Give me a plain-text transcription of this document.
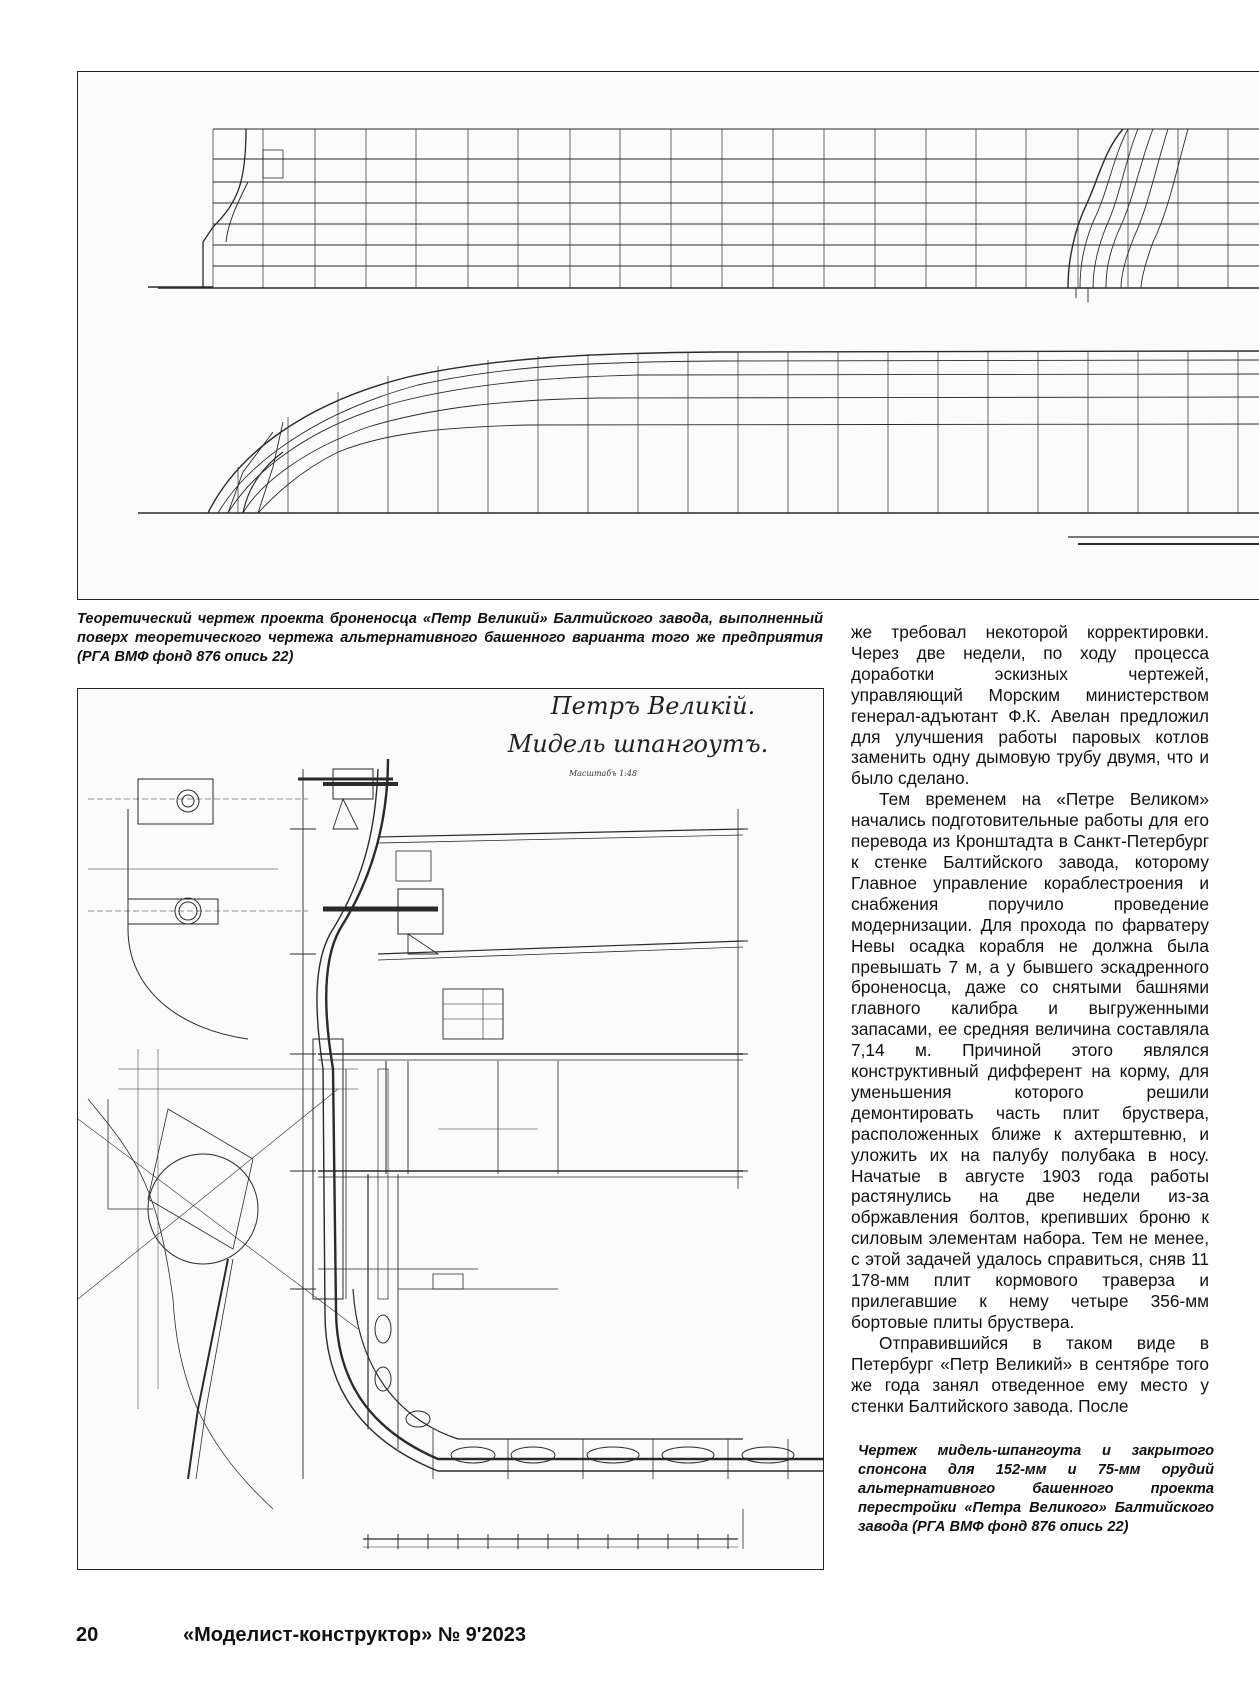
Теоретический чертеж проекта броненосца «Петр Великий» Балтийского завода, выполненный поверх теоретического чертежа альтернативного башенного варианта того же предприятия (РГА ВМФ фонд 876 опись 22)
Петръ Великiй.
Мидель шпангоутъ.
Масштабъ 1:48

же требовал некоторой корректировки. Через две недели, по ходу процесса доработки эскизных чертежей, управляющий Морским министерством генерал-адъютант Ф.К. Авелан предложил для улучшения работы паровых котлов заменить одну дымовую трубу двумя, что и было сделано.

Тем временем на «Петре Великом» начались подготовительные работы для его перевода из Кронштадта в Санкт-Петербург к стенке Балтийского завода, которому Главное управление кораблестроения и снабжения поручило проведение модернизации. Для прохода по фарватеру Невы осадка корабля не должна была превышать 7 м, а у бывшего эскадренного броненосца, даже со снятыми башнями главного калибра и выгруженными запасами, ее средняя величина составляла 7,14 м. Причиной этого являлся конструктивный дифферент на корму, для уменьшения которого решили демонтировать часть плит бруствера, расположенных ближе к ахтерштевню, и уложить их на палубу полубака в носу. Начатые в августе 1903 года работы растянулись на две недели из-за обржавления болтов, крепивших броню к силовым элементам набора. Тем не менее, с этой задачей удалось справиться, сняв 11 178-мм плит кормового траверза и прилегавшие к нему четыре 356-мм бортовые плиты бруствера.

Отправившийся в таком виде в Петербург «Петр Великий» в сентябре того же года занял отведенное ему место у стенки Балтийского завода. После

Чертеж мидель-шпангоута и закрытого спонсона для 152-мм и 75-мм орудий альтернативного башенного проекта перестройки «Петра Великого» Балтийского завода (РГА ВМФ фонд 876 опись 22)
20	«Моделист-конструктор» № 9'2023
